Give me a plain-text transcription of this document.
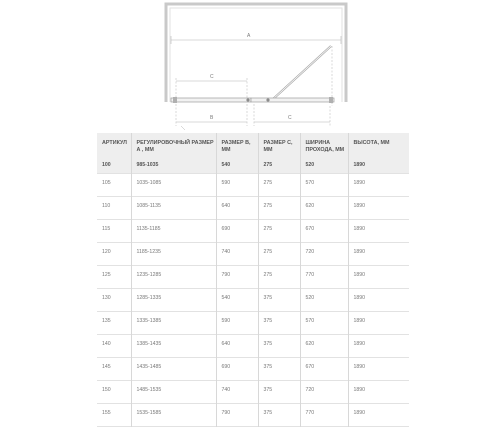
A
C
B	C
АРТИКУЛ	РЕГУЛИРОВОЧНЫЙ РАЗМЕР А , ММ	РАЗМЕР B, ММ	РАЗМЕР C, ММ	ШИРИНА ПРОХОДА, ММ	ВЫСОТА, ММ
100	985-1035	540	275	520	1890
105	1035-1085	590	275	570	1890
110	1085-1135	640	275	620	1890
115	1135-1185	690	275	670	1890
120	1185-1235	740	275	720	1890
125	1235-1285	790	275	770	1890
130	1285-1335	540	375	520	1890
135	1335-1385	590	375	570	1890
140	1385-1435	640	375	620	1890
145	1435-1485	690	375	670	1890
150	1485-1535	740	375	720	1890
155	1535-1585	790	375	770	1890
